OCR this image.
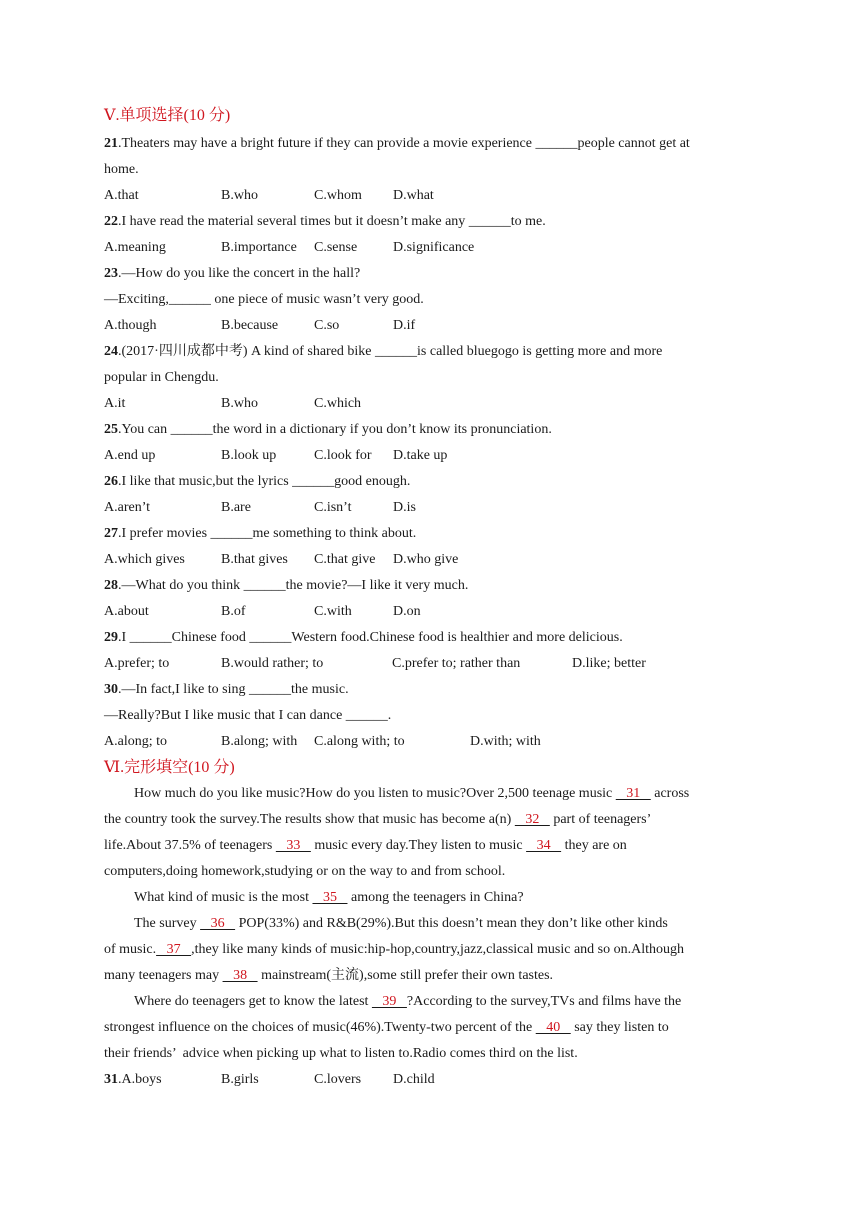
Ⅴ.单项选择(10 分)
21.Theaters may have a bright future if they can provide a movie experience ______people cannot get at
home.

A.that

	B.who

	C.whom

D.what

22.I have read the material several times but it doesn’t make any ______to me.

A.meaning

	B.importance

C.sense

	D.significance

23.—How do you like the concert in the hall?
—Exciting,______ one piece of music wasn’t very good.

A.though

	B.because

	C.so

	D.if

24.(2017·四川成都中考) A kind of shared bike ______is called bluegogo is getting more and more
popular in Chengdu.

A.it

	B.who

	C.which

25.You can ______the word in a dictionary if you don’t know its pronunciation.

A.end up

	B.look up

	C.look for

D.take up

26.I like that music,but the lyrics ______good enough.

A.aren’t

	B.are

	C.isn’t

	D.is

27.I prefer movies ______me something to think about.

A.which gives

	B.that gives

C.that give

D.who give

28.—What do you think ______the movie?—I like it very much.

A.about

	B.of

	C.with

	D.on

29.I ______Chinese food ______Western food.Chinese food is healthier and more delicious.

A.prefer; to

	B.would rather; to

	C.prefer to; rather than

	D.like; better

30.—In fact,I like to sing ______the music.
—Really?But I like music that I can dance ______.

A.along; to

	B.along; with

C.along with; to

	D.with; with

Ⅵ.完形填空(10 分)
How much do you like music?How do you listen to music?Over 2,500 teenage music    31    across
the country took the survey.The results show that music has become a(n)    32    part of teenagers’
life.About 37.5% of teenagers    33    music every day.They listen to music    34    they are on
computers,doing homework,studying or on the way to and from school.
What kind of music is the most    35    among the teenagers in China?
The survey    36    POP(33%) and R&B(29%).But this doesn’t mean they don’t like other kinds
of music.   37   ,they like many kinds of music:hip-hop,country,jazz,classical music and so on.Although
many teenagers may    38    mainstream(主流),some still prefer their own tastes.
Where do teenagers get to know the latest    39   ?According to the survey,TVs and films have the
strongest influence on the choices of music(46%).Twenty-two percent of the    40    say they listen to
their friends’  advice when picking up what to listen to.Radio comes third on the list.

31.A.boys

	B.girls

	C.lovers

D.child
